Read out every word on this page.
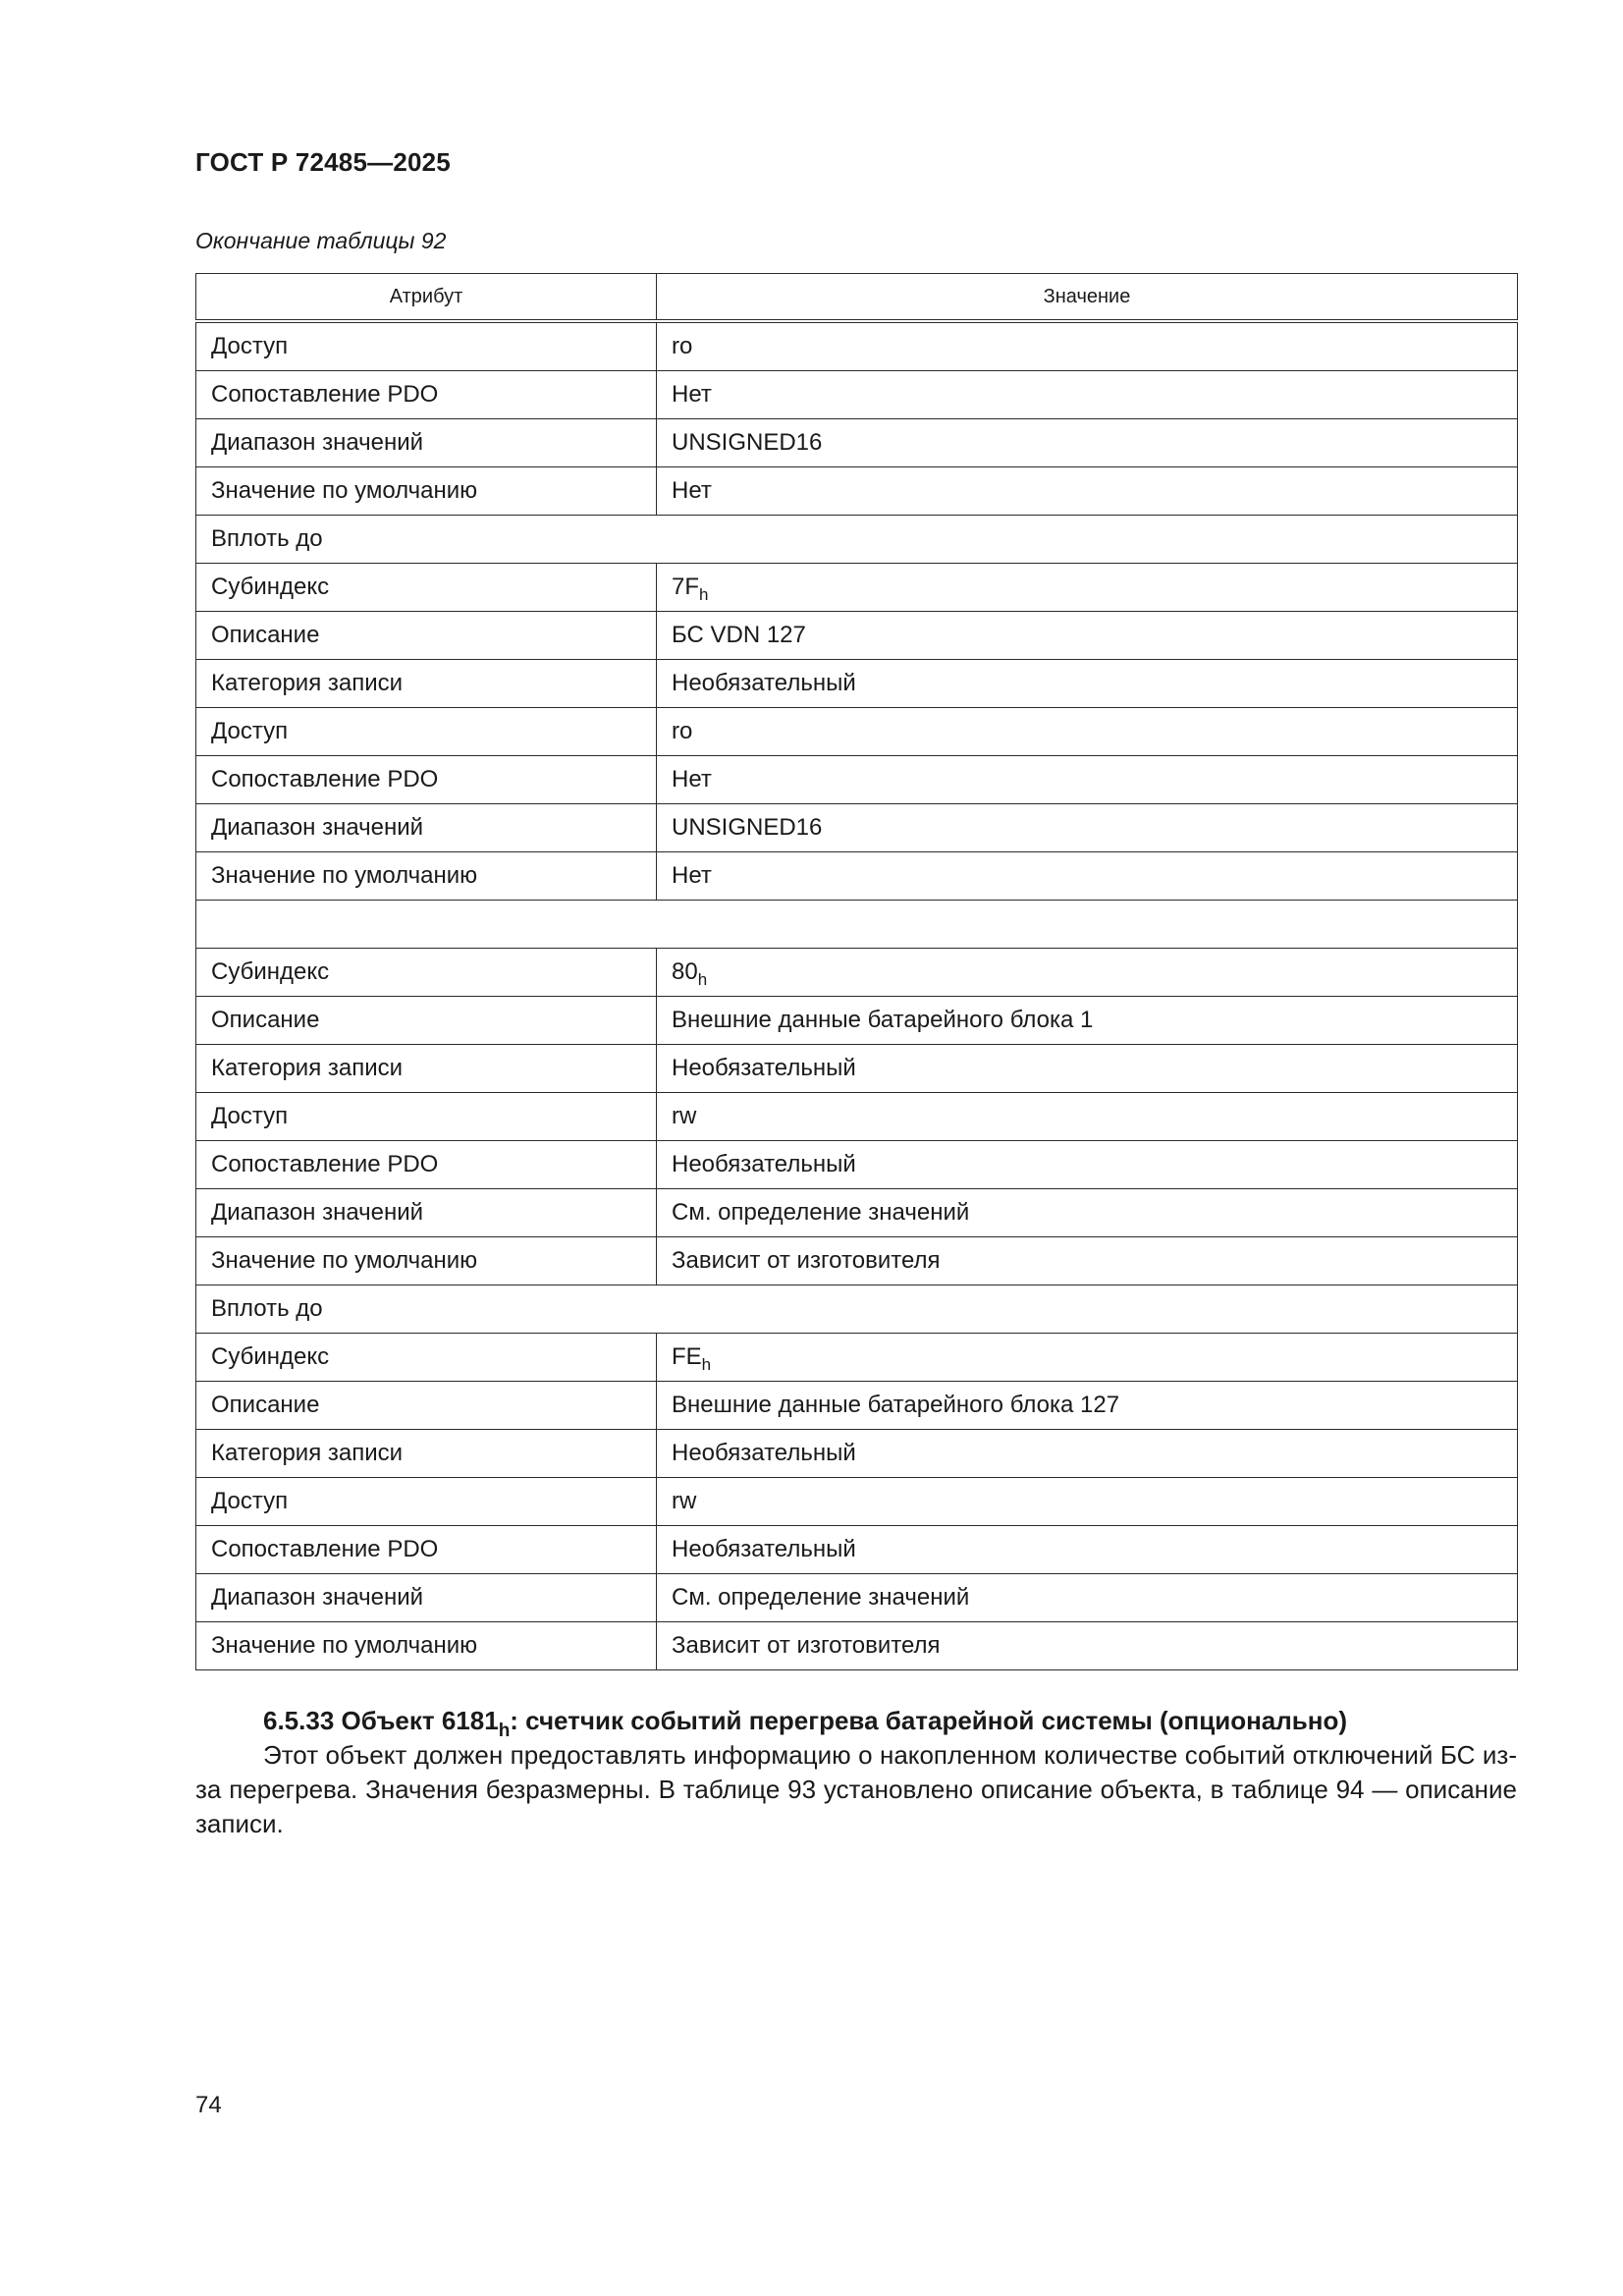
ГОСТ Р 72485—2025
Окончание таблицы 92
Атрибут	Значение
Доступ	ro
Сопоставление PDO	Нет
Диапазон значений	UNSIGNED16
Значение по умолчанию	Нет
Вплоть до	
Субиндекс	$7F_h$
Описание	БС VDN 127
Категория записи	Необязательный
Доступ	ro
Сопоставление PDO	Нет
Диапазон значений	UNSIGNED16
Значение по умолчанию	Нет

Субиндекс	$80_h$
Описание	Внешние данные батарейного блока 1
Категория записи	Необязательный
Доступ	rw
Сопоставление PDO	Необязательный
Диапазон значений	См. определение значений
Значение по умолчанию	Зависит от изготовителя
Вплоть до	
Субиндекс	$FE_h$
Описание	Внешние данные батарейного блока 127
Категория записи	Необязательный
Доступ	rw
Сопоставление PDO	Необязательный
Диапазон значений	См. определение значений
Значение по умолчанию	Зависит от изготовителя

6.5.33 Объект $6181_h$: счетчик событий перегрева батарейной системы (опционально)

Этот объект должен предоставлять информацию о накопленном количестве событий отключений БС из-за перегрева. Значения безразмерны. В таблице 93 установлено описание объекта, в таблице 94 — описание записи.

74
